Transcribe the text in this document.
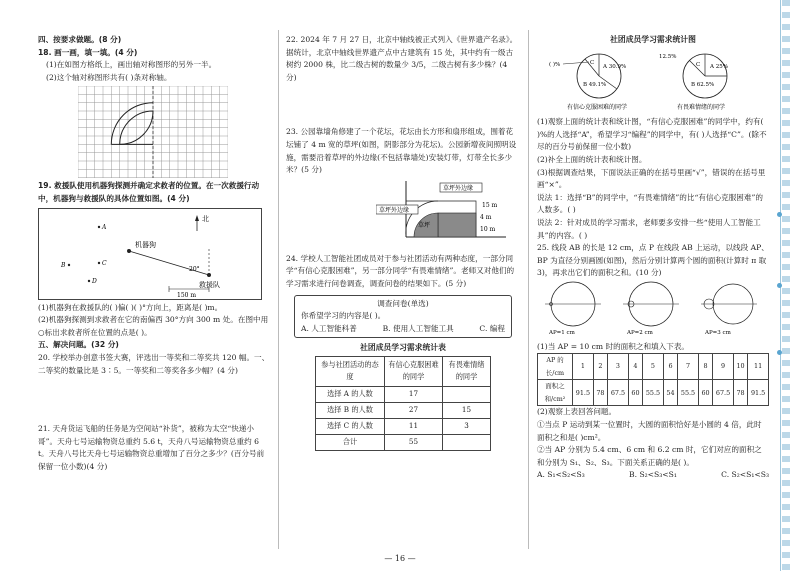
四、按要求做题。(8 分)

18. 画一画，填一填。(4 分)

(1)在如图方格纸上，画出轴对称图形的另外一半。

(2)这个轴对称图形共有( )条对称轴。

19. 救援队使用机器狗探测并确定求救者的位置。在一次救援行动中，机器狗与救援队的具体位置如图。(4 分)

北
机器狗
救援队
20°
150 m
A
B	C
D

(1)机器狗在救援队的( )偏( )( )°方向上，距离是( )m。

(2)机器狗探测到求救者在它的南偏西 30°方向 300 m 处。在图中用○标出求救者所在位置的点是( )。

五、解决问题。(32 分)

20. 学校举办创意书签大赛，评选出一等奖和二等奖共 120 幅。一、二等奖的数量比是 3∶5。一等奖和二等奖各多少幅？(4 分)

21. 天舟货运飞船的任务是为空间站“补货”，被称为太空“快递小哥”。天舟七号运输物资总重约 5.6 t，天舟八号运输物资总重约 6 t。天舟八号比天舟七号运输物资总重增加了百分之多少？(百分号前保留一位小数)(4 分)

22. 2024 年 7 月 27 日，北京中轴线被正式列入《世界遗产名录》。据统计，北京中轴线世界遗产点中古建筑有 15 处，其中约有一级古树约 2000 株，比二级古树的数量少 3/5，二级古树有多少株？(4 分)

23. 公园靠墙角修建了一个花坛，花坛由长方形和扇形组成，围着花坛铺了 4 m 宽的草坪(如图，阴影部分为花坛)。公园新增夜间照明设施，需要沿着草坪的外边缘(不包括靠墙处)安装灯带，灯带全长多少米？(5 分)

草坪外边缘
草坪外边缘
15 m
4 m
10 m
草坪

24. 学校人工智能社团成员对于参与社团活动有两种态度，一部分同学“有信心克服困难”，另一部分同学“有畏难情绪”。老师又对他们的学习需求进行问卷调查，调查问卷的结果如下。(5 分)

调查问卷(单选)

你希望学习的内容是( )。

A. 人工智能科普	B. 使用人工智能工具	C. 编程

社团成员学习需求统计表

参与社团活动的态度	有信心克服困难的同学	有畏难情绪的同学
选择 A 的人数	17	
选择 B 的人数	27	15
选择 C 的人数	11	3
合计	55	

社团成员学习需求统计图

A 30.9%
B 49.1%
C
( )%
有信心克服困难的同学
A 25%
B 62.5%
C
12.5%
有畏难情绪的同学

(1)观察上面的统计表和统计图，“有信心克服困难”的同学中，约有( )%的人选择“A”，希望学习“编程”的同学中，有( )人选择“C”。(除不尽的百分号前保留一位小数)

(2)补全上面的统计表和统计图。

(3)根据调查结果，下面说法正确的在括号里画“√”，错误的在括号里画“×”。

说法 1：选择“B”的同学中，“有畏难情绪”的比“有信心克服困难”的人数多。( )

说法 2：针对成员的学习需求，老师要多安排一些“使用人工智能工具”的内容。( )

25. 线段 AB 的长是 12 cm，点 P 在线段 AB 上运动，以线段 AP、BP 为直径分别画圆(如图)，然后分别计算两个圆的面积(计算时 π 取 3)，再求出它们的面积之和。(10 分)

AP=1 cm	AP=2 cm	AP=3 cm

(1)当 AP = 10 cm 时的面积之和填入下表。

AP 的长/cm	1	2	3	4	5	6	7	8	9	10	11
面积之和/cm²	91.5	78	67.5	60	55.5	54	55.5	60	67.5	78	91.5

(2)观察上表回答问题。

①当点 P 运动到某一位置时，大圆的面积恰好是小圆的 4 倍，此时面积之和是( )cm²。

②当 AP 分别为 5.4 cm、6 cm 和 6.2 cm 时，它们对应的面积之和分别为 S₁、S₂、S₃。下面关系正确的是( )。

A. S₁<S₂<S₃	B. S₂<S₃<S₁	C. S₂<S₁<S₃
— 16 —
